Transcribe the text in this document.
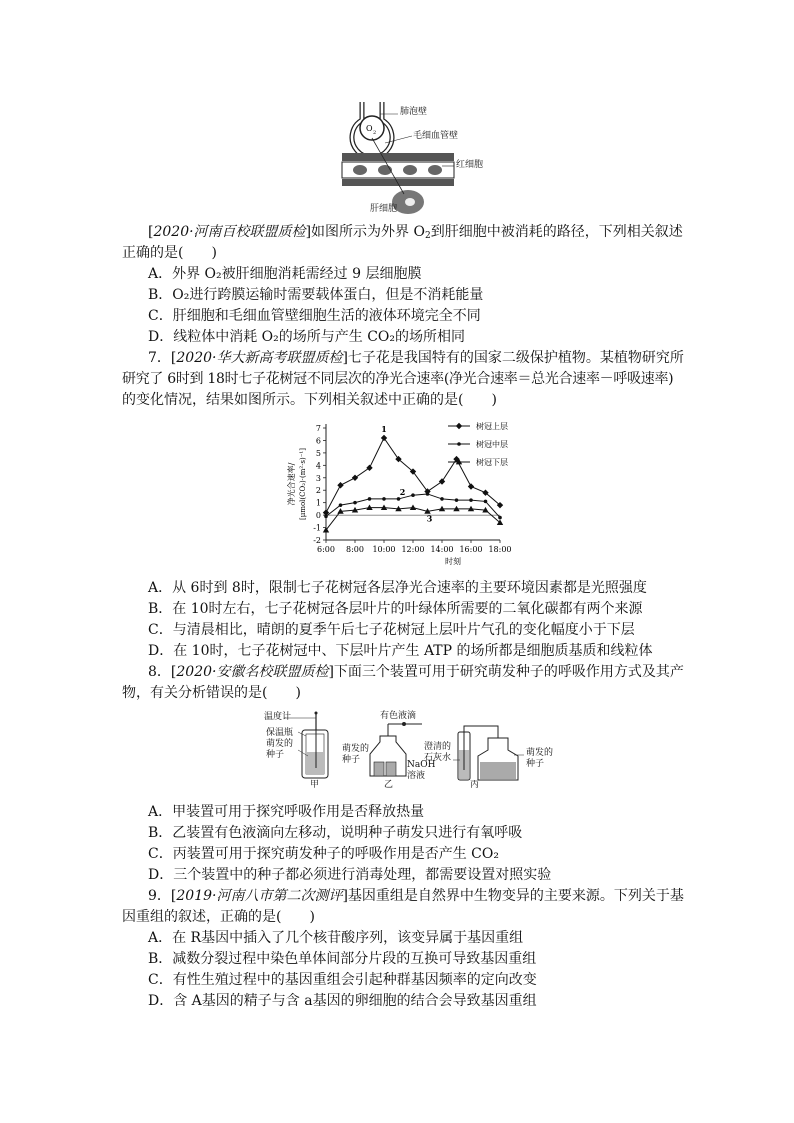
O 2
肺泡壁
毛细血管壁
红细胞
肝细胞
[2020·河南百校联盟质检]如图所示为外界 $O_2$到肝细胞中被消耗的路径，下列相关叙述
正确的是(　　)
A．外界 O₂被肝细胞消耗需经过 9 层细胞膜
B．O₂进行跨膜运输时需要载体蛋白，但是不消耗能量
C．肝细胞和毛细血管壁细胞生活的液体环境完全不同
D．线粒体中消耗 O₂的场所与产生 CO₂的场所相同
7．[2020·华大新高考联盟质检]七子花是我国特有的国家二级保护植物。某植物研究所
研究了 6时到 18时七子花树冠不同层次的净光合速率(净光合速率＝总光合速率－呼吸速率)
的变化情况，结果如图所示。下列相关叙述中正确的是(　　)
-2
-1
0
1
2
3
4
5
6
7
6:00 8:00 10:00 12:00 14:00 16:00 18:00
时刻
净光合速率/ [μmol(CO₂)·(m²·s)⁻¹]
树冠上层
树冠中层
树冠下层
1
2
3
A．从 6时到 8时，限制七子花树冠各层净光合速率的主要环境因素都是光照强度
B．在 10时左右，七子花树冠各层叶片的叶绿体所需要的二氧化碳都有两个来源
C．与清晨相比，晴朗的夏季午后七子花树冠上层叶片气孔的变化幅度小于下层
D．在 10时，七子花树冠中、下层叶片产生 ATP 的场所都是细胞质基质和线粒体
8．[2020·安徽名校联盟质检]下面三个装置可用于研究萌发种子的呼吸作用方式及其产
物，有关分析错误的是(　　)
温度计
保温瓶
萌发的
种子
甲
有色液滴
萌发的
种子	NaOH
溶液
乙
澄清的
石灰水	萌发的
种子
丙
A．甲装置可用于探究呼吸作用是否释放热量
B．乙装置有色液滴向左移动，说明种子萌发只进行有氧呼吸
C．丙装置可用于探究萌发种子的呼吸作用是否产生 CO₂
D．三个装置中的种子都必须进行消毒处理，都需要设置对照实验
9．[2019·河南八市第二次测评]基因重组是自然界中生物变异的主要来源。下列关于基
因重组的叙述，正确的是(　　)
A．在 R基因中插入了几个核苷酸序列，该变异属于基因重组
B．减数分裂过程中染色单体间部分片段的互换可导致基因重组
C．有性生殖过程中的基因重组会引起种群基因频率的定向改变
D．含 A基因的精子与含 a基因的卵细胞的结合会导致基因重组
